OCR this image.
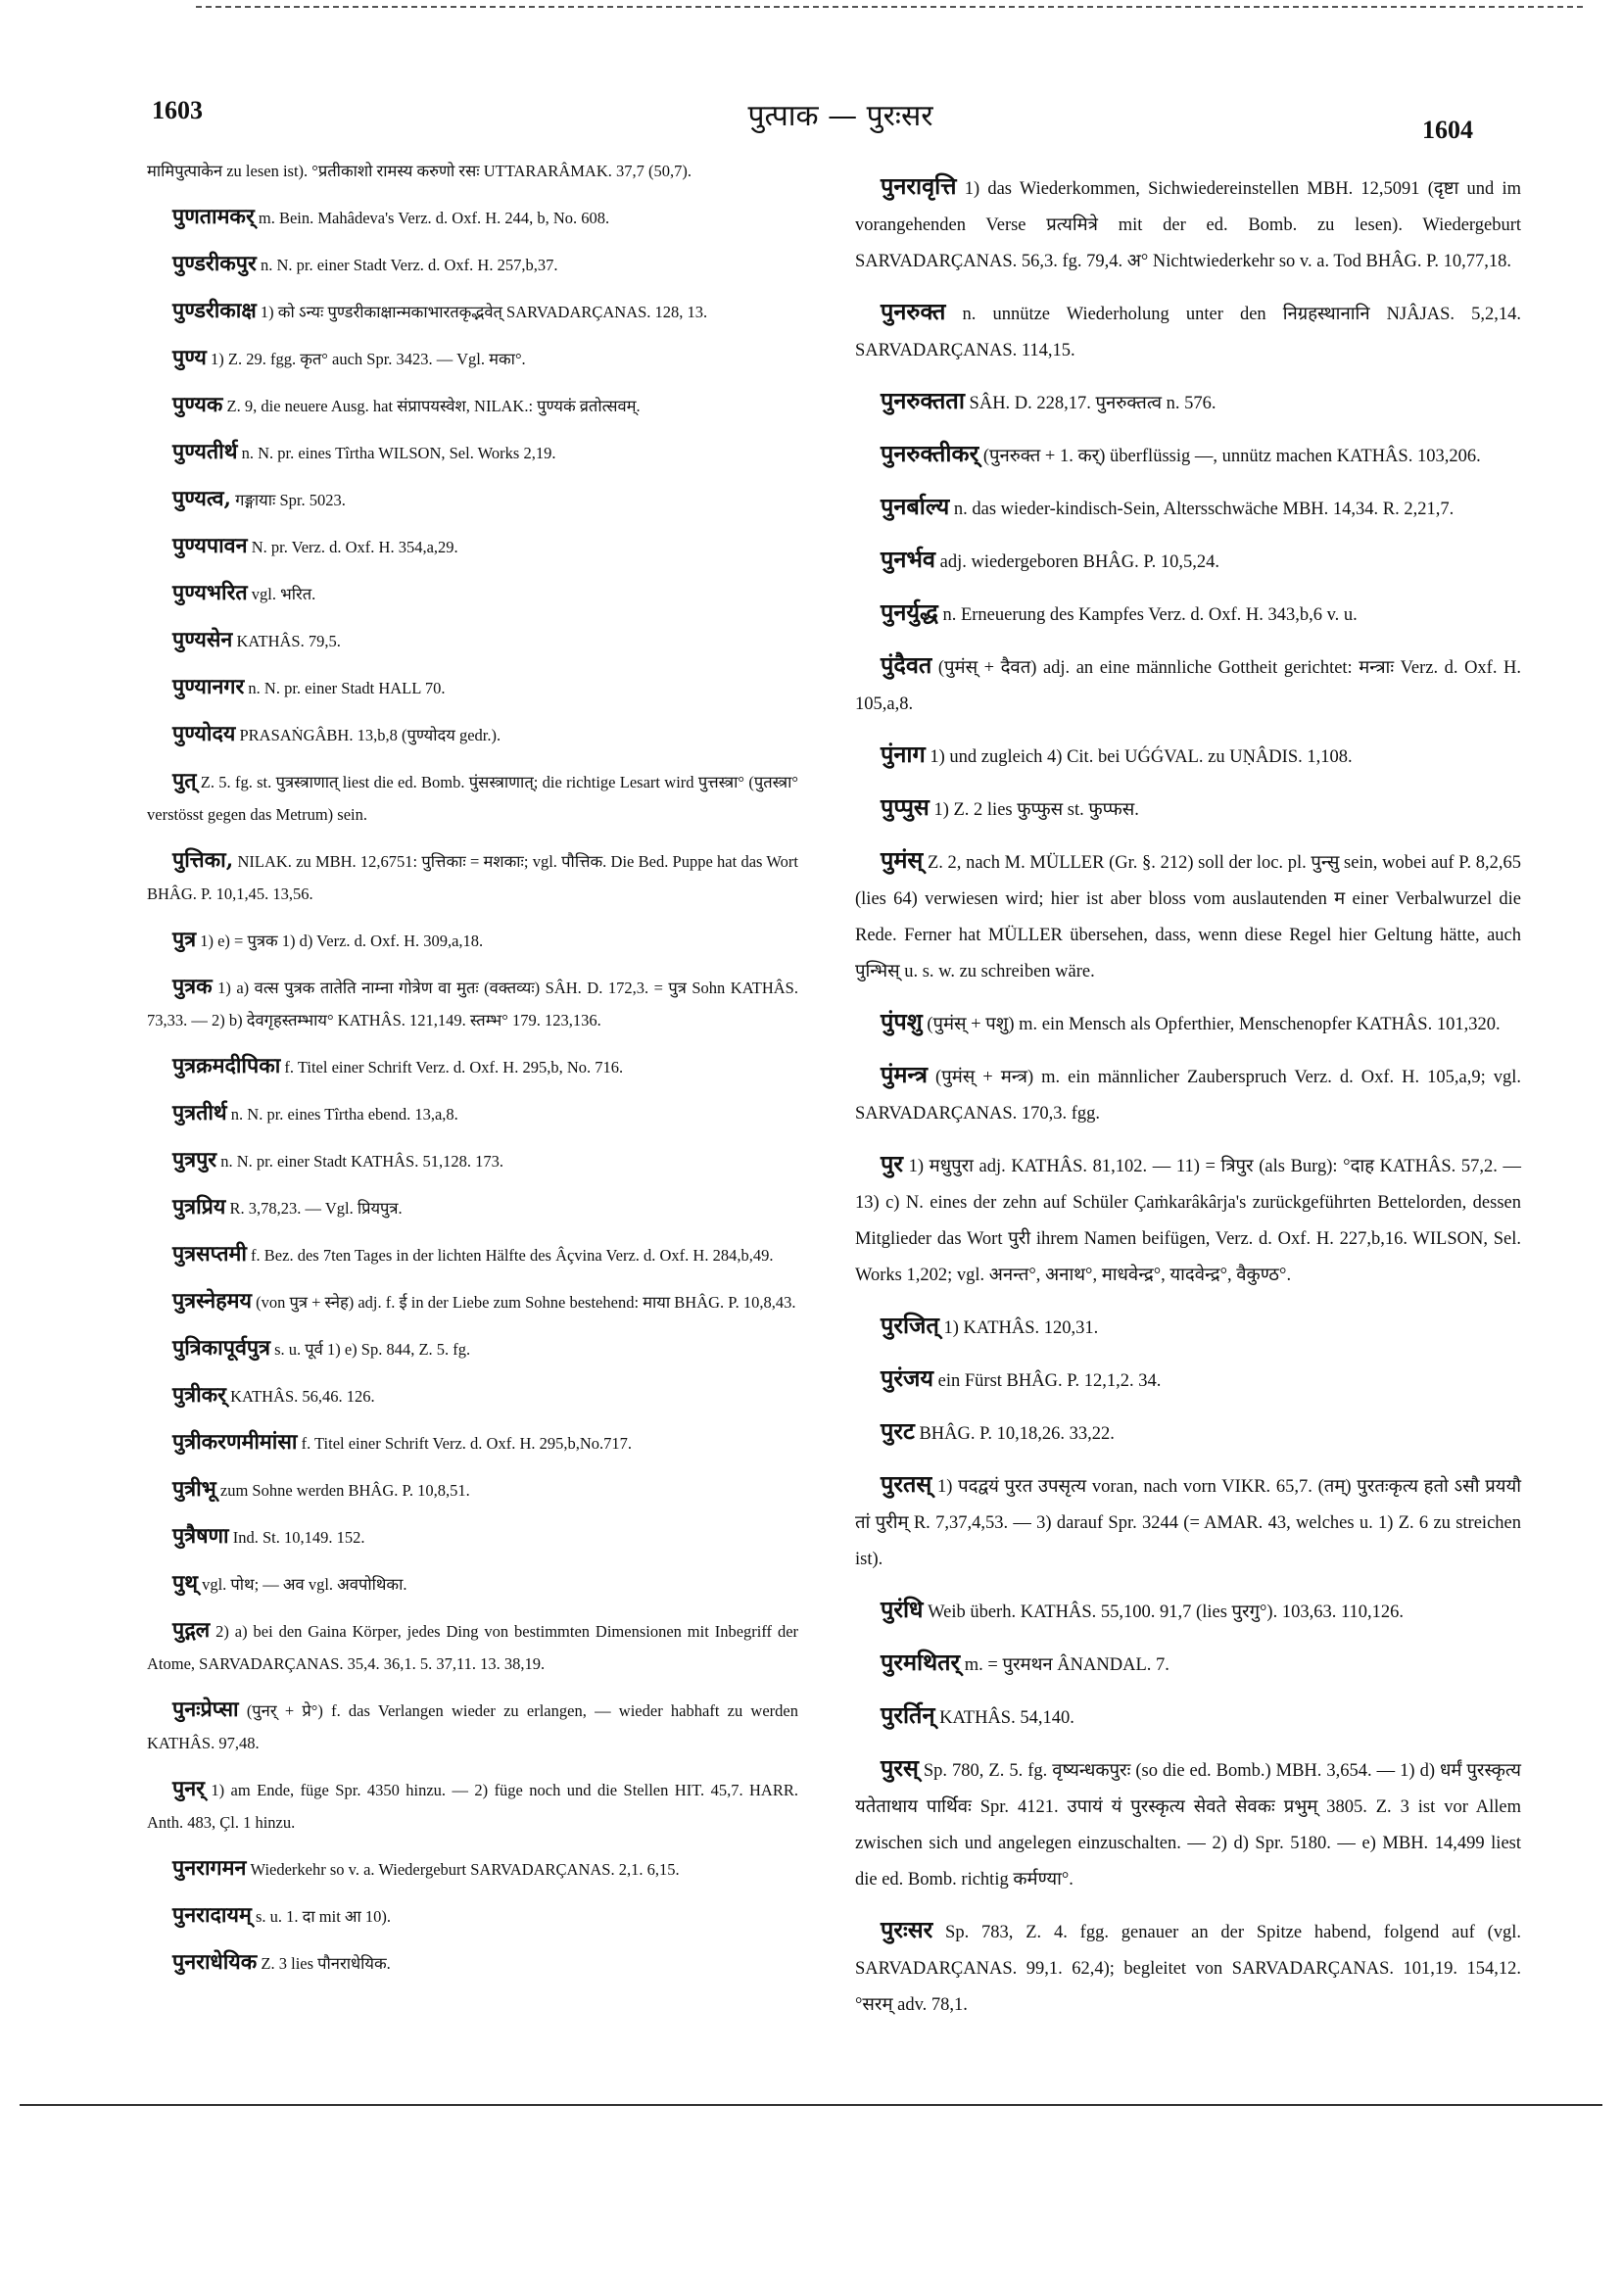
1603	पुत्पाक — पुरःसर	1604

मामिपुत्पाकेन zu lesen ist). °प्रतीकाशो रामस्य करुणो रसः UTTARARÂMAK. 37,7 (50,7).

पुणतामकर् m. Bein. Mahâdeva's Verz. d. Oxf. H. 244, b, No. 608.

पुण्डरीकपुर n. N. pr. einer Stadt Verz. d. Oxf. H. 257,b,37.

पुण्डरीकाक्ष 1) को ऽन्यः पुण्डरीकाक्षान्मकाभारतकृद्भवेत् SARVADARÇANAS. 128, 13.

पुण्य 1) Z. 29. fgg. कृत° auch Spr. 3423. — Vgl. मका°.

पुण्यक Z. 9, die neuere Ausg. hat संप्रापयस्वेश, NILAK.: पुण्यकं व्रतोत्सवम्.

पुण्यतीर्थ n. N. pr. eines Tîrtha WILSON, Sel. Works 2,19.

पुण्यत्व, गङ्गायाः Spr. 5023.

पुण्यपावन N. pr. Verz. d. Oxf. H. 354,a,29.

पुण्यभरित vgl. भरित.

पुण्यसेन KATHÂS. 79,5.

पुण्यानगर n. N. pr. einer Stadt HALL 70.

पुण्योदय PRASAṄGÂBH. 13,b,8 (पुण्योदय gedr.).

पुत् Z. 5. fg. st. पुत्रस्त्राणात् liest die ed. Bomb. पुंसस्त्राणात्; die richtige Lesart wird पुत्तस्त्रा° (पुतस्त्रा° verstösst gegen das Metrum) sein.

पुत्तिका, NILAK. zu MBH. 12,6751: पुत्तिकाः = मशकाः; vgl. पौत्तिक. Die Bed. Puppe hat das Wort BHÂG. P. 10,1,45. 13,56.

पुत्र 1) e) = पुत्रक 1) d) Verz. d. Oxf. H. 309,a,18.

पुत्रक 1) a) वत्स पुत्रक तातेति नाम्ना गोत्रेण वा मुतः (वक्तव्यः) SÂH. D. 172,3. = पुत्र Sohn KATHÂS. 73,33. — 2) b) देवगृहस्तम्भाय° KATHÂS. 121,149. स्तम्भ° 179. 123,136.

पुत्रक्रमदीपिका f. Titel einer Schrift Verz. d. Oxf. H. 295,b, No. 716.

पुत्रतीर्थ n. N. pr. eines Tîrtha ebend. 13,a,8.

पुत्रपुर n. N. pr. einer Stadt KATHÂS. 51,128. 173.

पुत्रप्रिय R. 3,78,23. — Vgl. प्रियपुत्र.

पुत्रसप्तमी f. Bez. des 7ten Tages in der lichten Hälfte des Âçvina Verz. d. Oxf. H. 284,b,49.

पुत्रस्नेहमय (von पुत्र + स्नेह) adj. f. ई in der Liebe zum Sohne bestehend: माया BHÂG. P. 10,8,43.

पुत्रिकापूर्वपुत्र s. u. पूर्व 1) e) Sp. 844, Z. 5. fg.

पुत्रीकर् KATHÂS. 56,46. 126.

पुत्रीकरणमीमांसा f. Titel einer Schrift Verz. d. Oxf. H. 295,b,No.717.

पुत्रीभू zum Sohne werden BHÂG. P. 10,8,51.

पुत्रैषणा Ind. St. 10,149. 152.

पुथ् vgl. पोथ; — अव vgl. अवपोथिका.

पुद्गल 2) a) bei den Gaina Körper, jedes Ding von bestimmten Dimensionen mit Inbegriff der Atome, SARVADARÇANAS. 35,4. 36,1. 5. 37,11. 13. 38,19.

पुनःप्रेप्सा (पुनर् + प्रे°) f. das Verlangen wieder zu erlangen, — wieder habhaft zu werden KATHÂS. 97,48.

पुनर् 1) am Ende, füge Spr. 4350 hinzu. — 2) füge noch und die Stellen HIT. 45,7. HARR. Anth. 483, Çl. 1 hinzu.

पुनरागमन Wiederkehr so v. a. Wiedergeburt SARVADARÇANAS. 2,1. 6,15.

पुनरादायम् s. u. 1. दा mit आ 10).

पुनराधेयिक Z. 3 lies पौनराधेयिक.

पुनरावृत्ति 1) das Wiederkommen, Sichwiedereinstellen MBH. 12,5091 (दृष्टा und im vorangehenden Verse प्रत्यमित्रे mit der ed. Bomb. zu lesen). Wiedergeburt SARVADARÇANAS. 56,3. fg. 79,4. अ° Nichtwiederkehr so v. a. Tod BHÂG. P. 10,77,18.

पुनरुक्त n. unnütze Wiederholung unter den निग्रहस्थानानि NJÂJAS. 5,2,14. SARVADARÇANAS. 114,15.

पुनरुक्तता SÂH. D. 228,17. पुनरुक्तत्व n. 576.

पुनरुक्तीकर् (पुनरुक्त + 1. कर्) überflüssig —, unnütz machen KATHÂS. 103,206.

पुनर्बाल्य n. das wieder-kindisch-Sein, Altersschwäche MBH. 14,34. R. 2,21,7.

पुनर्भव adj. wiedergeboren BHÂG. P. 10,5,24.

पुनर्युद्ध n. Erneuerung des Kampfes Verz. d. Oxf. H. 343,b,6 v. u.

पुंदैवत (पुमंस् + दैवत) adj. an eine männliche Gottheit gerichtet: मन्त्राः Verz. d. Oxf. H. 105,a,8.

पुंनाग 1) und zugleich 4) Cit. bei UǴǴVAL. zu UṆÂDIS. 1,108.

पुप्पुस 1) Z. 2 lies फुप्फुस st. फुप्फस.

पुमंस् Z. 2, nach M. MÜLLER (Gr. §. 212) soll der loc. pl. पुन्सु sein, wobei auf P. 8,2,65 (lies 64) verwiesen wird; hier ist aber bloss vom auslautenden म einer Verbalwurzel die Rede. Ferner hat MÜLLER übersehen, dass, wenn diese Regel hier Geltung hätte, auch पुन्भिस् u. s. w. zu schreiben wäre.

पुंपशु (पुमंस् + पशु) m. ein Mensch als Opferthier, Menschenopfer KATHÂS. 101,320.

पुंमन्त्र (पुमंस् + मन्त्र) m. ein männlicher Zauberspruch Verz. d. Oxf. H. 105,a,9; vgl. SARVADARÇANAS. 170,3. fgg.

पुर 1) मधुपुरा adj. KATHÂS. 81,102. — 11) = त्रिपुर (als Burg): °दाह KATHÂS. 57,2. — 13) c) N. eines der zehn auf Schüler Çaṁkarâkârja's zurückgeführten Bettelorden, dessen Mitglieder das Wort पुरी ihrem Namen beifügen, Verz. d. Oxf. H. 227,b,16. WILSON, Sel. Works 1,202; vgl. अनन्त°, अनाथ°, माधवेन्द्र°, यादवेन्द्र°, वैकुण्ठ°.

पुरजित् 1) KATHÂS. 120,31.

पुरंजय ein Fürst BHÂG. P. 12,1,2. 34.

पुरट BHÂG. P. 10,18,26. 33,22.

पुरतस् 1) पदद्वयं पुरत उपसृत्य voran, nach vorn VIKR. 65,7. (तम्) पुरतःकृत्य हतो ऽसौ प्रययौ तां पुरीम् R. 7,37,4,53. — 3) darauf Spr. 3244 (= AMAR. 43, welches u. 1) Z. 6 zu streichen ist).

पुरंधि Weib überh. KATHÂS. 55,100. 91,7 (lies पुरगु°). 103,63. 110,126.

पुरमथितर् m. = पुरमथन ÂNANDAL. 7.

पुरर्तिन् KATHÂS. 54,140.

पुरस् Sp. 780, Z. 5. fg. वृष्यन्धकपुरः (so die ed. Bomb.) MBH. 3,654. — 1) d) धर्मं पुरस्कृत्य यतेताथाय पार्थिवः Spr. 4121. उपायं यं पुरस्कृत्य सेवते सेवकः प्रभुम् 3805. Z. 3 ist vor Allem zwischen sich und angelegen einzuschalten. — 2) d) Spr. 5180. — e) MBH. 14,499 liest die ed. Bomb. richtig कर्मण्या°.

पुरःसर Sp. 783, Z. 4. fgg. genauer an der Spitze habend, folgend auf (vgl. SARVADARÇANAS. 99,1. 62,4); begleitet von SARVADARÇANAS. 101,19. 154,12. °सरम् adv. 78,1.
